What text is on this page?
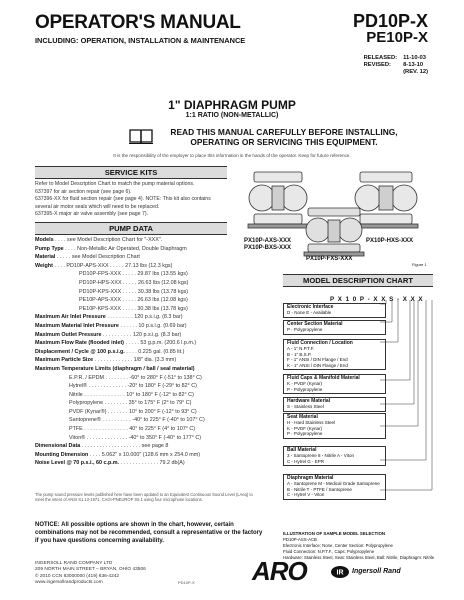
OPERATOR'S MANUAL
INCLUDING: OPERATION, INSTALLATION & MAINTENANCE
PD10P-X
PE10P-X
RELEASED:	11-10-03
REVISED:	8-13-10
	(REV. 12)
1" DIAPHRAGM PUMP
1:1 RATIO (NON-METALLIC)
READ THIS MANUAL CAREFULLY BEFORE INSTALLING,
OPERATING OR SERVICING THIS EQUIPMENT.
It is the responsibility of the employer to place this information in the hands of the operator. Keep for future reference.
SERVICE KITS

Refer to Model Description Chart to match the pump material options.

637397 for air section repair (see page 6).

637396-XX for fluid section repair (see page 4). NOTE: This kit also contains several air motor seals which will need to be replaced.

637395-X major air valve assembly (see page 7).

PUMP DATA
Models . . . . see Model Description Chart for "-XXX".
Pump Type . . . . Non-Metallic Air Operated, Double Diaphragm
Material . . . . . see Model Description Chart
Weight . . . . PD10P-APS-XXX . . . . . 27.13 lbs (12.3 kgs)
PD10P-FPS-XXX . . . . . 29.87 lbs (13.55 kgs)
PD10P-HPS-XXX . . . . . 26.63 lbs (12.08 kgs)
PD10P-KPS-XXX . . . . . 30.38 lbs (13.78 kgs)
PE10P-APS-XXX . . . . . 26.63 lbs (12.08 kgs)
PE10P-KPS-XXX . . . . . 30.38 lbs (13.78 kgs)
Maximum Air Inlet Pressure . . . . . . . . . 120 p.s.i.g. (8.3 bar)
Maximum Material Inlet Pressure . . . . . . 10 p.s.i.g. (0.69 bar)
Maximum Outlet Pressure . . . . . . . . . . 120 p.s.i.g. (8.3 bar)
Maximum Flow Rate (flooded inlet) . . . . . 53 g.p.m. (200.6 l.p.m.)
Displacement / Cycle @ 100 p.s.i.g. . . . . 0.225 gal. (0.85 lit.)
Maximum Particle Size . . . . . . . . . . . . . 1/8" dia. (3.3 mm)
Maximum Temperature Limits (diaphragm / ball / seal material)
E.P.R. / EPDM . . . . . . . . -60° to 280° F (-51° to 138° C)
Hytrel® . . . . . . . . . . . . . -20° to 180° F (-29° to 82° C)
Nitrile . . . . . . . . . . . . . . 10° to 180° F (-12° to 82° C)
Polypropylene . . . . . . . . 35° to 175° F (2° to 79° C)
PVDF (Kynar®) . . . . . . . 10° to 200° F (-12° to 93° C)
Santoprene® . . . . . . . . . . -40° to 225° F (-40° to 107° C)
PTFE . . . . . . . . . . . . . . . 40° to 225° F (4° to 107° C)
Viton® . . . . . . . . . . . . . . -40° to 350° F (-40° to 177° C)
Dimensional Data . . . . . . . . . . . . . . . . . . . . see page 8
Mounting Dimension . . . . 5.062" x 10.000" (128.6 mm x 254.0 mm)
Noise Level @ 70 p.s.i., 60 c.p.m. . . . . . . . . . . . . . 79.2 db(A)
The pump sound pressure levels published here have been updated to an Equivalent Continuous Sound Level (LAeq) to meet the intent of ANSI S1.13-1971, CAGI-PNEUROP S5.1 using four microphone locations.
NOTICE: All possible options are shown in the chart, however, certain combinations may not be recommended, consult a representative or the factory if you have questions concerning availability.
INGERSOLL RAND COMPANY LTD
209 NORTH MAIN STREET – BRYAN, OHIO 43506
© 2010 CCN 83000000 (419) 636-4242
www.ingersollrandproducts.com	PD10P-X ARO	IR Ingersoll Rand
PX10P-AXS-XXX
PX10P-BXS-XXX
PX10P-FXS-XXX
PX10P-HXS-XXX
Figure 1
MODEL DESCRIPTION CHART
P X 1 0 P - X X S - X X X
Electronic Interface
D - None E - Available
Center Section Material
P - Polypropylene
Fluid Connection / Location
A - 1" N.P.T.F.
B - 1" B.S.P.
F - 1" ANSI / DIN Flange / End
K - 1" ANSI / DIN Flange / End
Fluid Caps & Manifold Material
K - PVDF (Kynar)
P - Polypropylene
Hardware Material
S - Stainless Steel
Seat Material
H - Hard Stainless Steel
K - PVDF (Kynar)
P - Polypropylene
Ball Material
3 - Santoprene 8 - Nitrile A - Viton
C - Hytrel G - EPR
Diaphragm Material
A - Santoprene M - Medical Grade Santoprene
B - Nitrile T - PTFE / Santoprene
C - Hytrel V - Viton
ILLUSTRATION OF SAMPLE MODEL SELECTION
PD10P-ASS-ACB
Electronic Interface: None, Center Section: Polypropylene
Fluid Connection: N.P.T.F., Caps: Polypropylene
Hardware: Stainless Steel, Seat: Stainless Steel, Ball: Nitrile, Diaphragm: Nitrile
